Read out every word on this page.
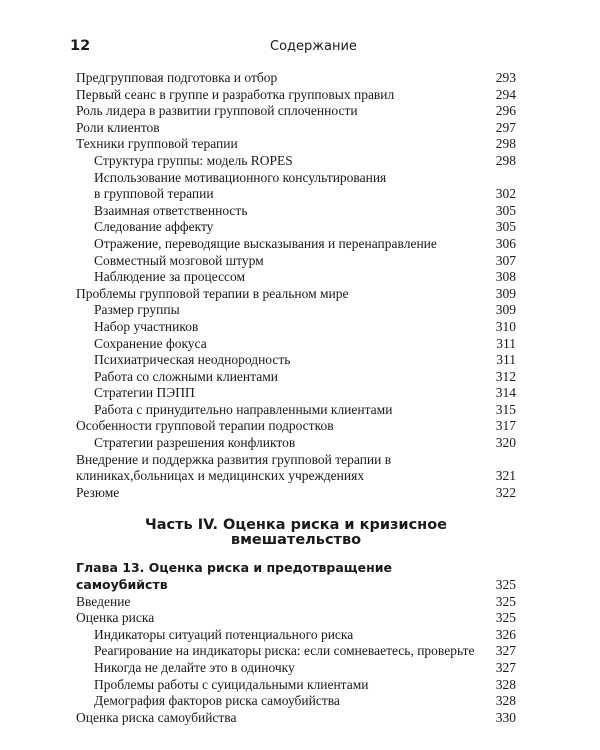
12	Содержание
Предгрупповая подготовка и отбор	293
Первый сеанс в группе и разработка групповых правил	294
Роль лидера в развитии групповой сплоченности	296
Роли клиентов	297
Техники групповой терапии	298
Структура группы: модель ROPES	298
Использование мотивационного консультирования
в групповой терапии	302
Взаимная ответственность	305
Следование аффекту	305
Отражение, переводящие высказывания и перенаправление	306
Совместный мозговой штурм	307
Наблюдение за процессом	308
Проблемы групповой терапии в реальном мире	309
Размер группы	309
Набор участников	310
Сохранение фокуса	311
Психиатрическая неоднородность	311
Работа со сложными клиентами	312
Стратегии ПЭПП	314
Работа с принудительно направленными клиентами	315
Особенности групповой терапии подростков	317
Стратегии разрешения конфликтов	320
Внедрение и поддержка развития групповой терапии в клиниках,больницах и медицинских учреждениях	321
Резюме	322
Часть IV. Оценка риска и кризисное
вмешательство
Глава 13. Оценка риска и предотвращение самоубийств	325
Введение	325
Оценка риска	325
Индикаторы ситуаций потенциального риска	326
Реагирование на индикаторы риска: если сомневаетесь, проверьте	327
Никогда не делайте это в одиночку	327
Проблемы работы с суицидальными клиентами	328
Демография факторов риска самоубийства	328
Оценка риска самоубийства	330
